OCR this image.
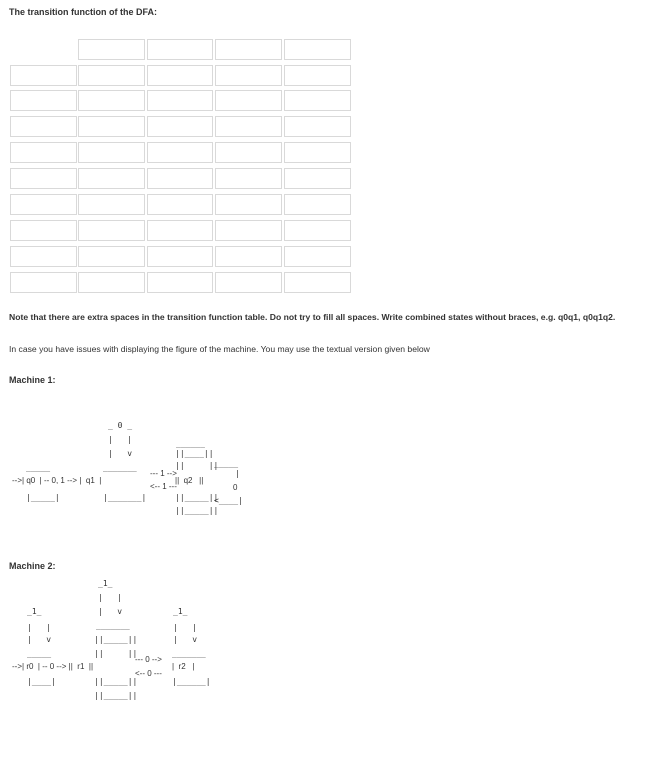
The transition function of the DFA:
Note that there are extra spaces in the transition function table. Do not try to fill all spaces. Write combined states without braces, e.g. q0q1, q0q1q2.
In case you have issues with displaying the figure of the machine. You may use the textual version given below
Machine 1:
_ 0 _
|   |
|   v
______
||____||
||     ||
_____
|
_____	_______
-->| q0 | -- 0, 1 --> | q1 |
--- 1 -->
<-- 1 ---
||  q2   ||
0
|_____|	|_______|	||_____||
<____|
||_____||
Machine 2:
_1_
|   |
|   v
_1_	_1_
_______
|   |	|   |
|   v	||_____||	|   v
_____	||     ||	_______
--- 0 -->
-->| r0 | -- 0 --> || r1 ||	| r2 |
<-- 0 ---
|____|	||_____||	|______|
||_____||
